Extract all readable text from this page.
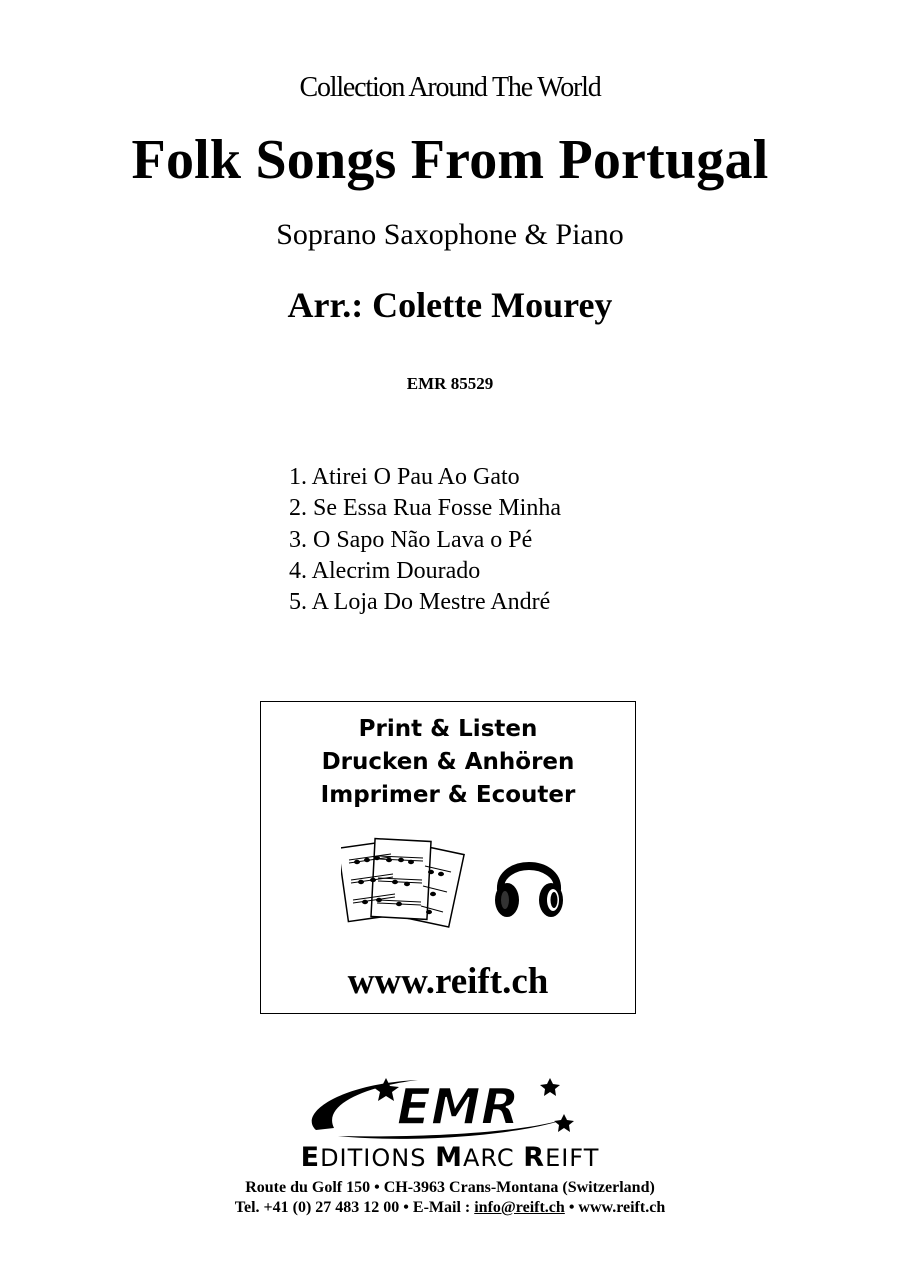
Collection Around The World
Folk Songs From Portugal
Soprano Saxophone & Piano
Arr.: Colette Mourey
EMR 85529
1. Atirei O Pau Ao Gato
2. Se Essa Rua Fosse Minha
3. O Sapo Não Lava o Pé
4. Alecrim Dourado
5. A Loja Do Mestre André
Print & Listen
Drucken & Anhören
Imprimer & Ecouter
www.reift.ch
EMR
EDITIONS MARC REIFT
Route du Golf 150 • CH-3963 Crans-Montana (Switzerland)
Tel. +41 (0) 27 483 12 00 • E-Mail : info@reift.ch • www.reift.ch
